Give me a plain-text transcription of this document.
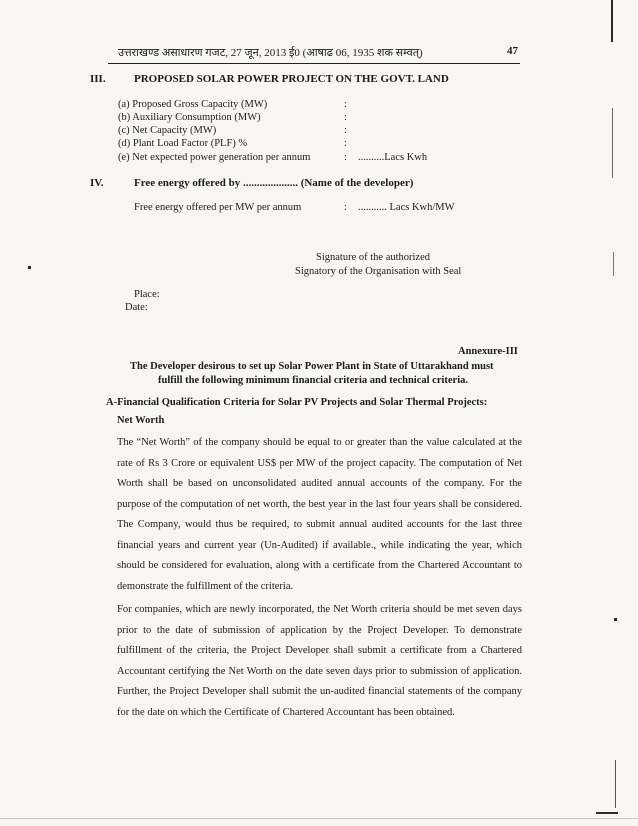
उत्तराखण्ड असाधारण गजट, 27 जून, 2013 ई0 (आषाढ 06, 1935 शक सम्वत्)	47
III.	PROPOSED SOLAR POWER PROJECT ON THE GOVT. LAND
(a) Proposed Gross Capacity (MW)	:
(b) Auxiliary Consumption (MW)	:
(c) Net Capacity (MW)	:
(d) Plant Load Factor (PLF) %	:
(e) Net expected power generation per annum	: ..........Lacs Kwh
IV.	Free energy offered by .................... (Name of the developer)
Free energy offered per MW per annum	: ........... Lacs Kwh/MW
Signature of the authorized
Signatory of the Organisation with Seal
Place:
Date:
Annexure-III
The Developer desirous to set up Solar Power Plant in State of Uttarakhand must
fulfill the following minimum financial criteria and technical criteria.
A-Financial Qualification Criteria for Solar PV Projects and Solar Thermal Projects:
Net Worth
The “Net Worth” of the company should be equal to or greater than the value calculated at the rate of Rs 3 Crore or equivalent US$ per MW of the project capacity. The computation of Net Worth shall be based on unconsolidated audited annual accounts of the company. For the purpose of the computation of net worth, the best year in the last four years shall be considered. The Company, would thus be required, to submit annual audited accounts for the last three financial years and current year (Un-Audited) if available., while indicating the year, which should be considered for evaluation, along with a certificate from the Chartered Accountant to demonstrate the fulfillment of the criteria.
For companies, which are newly incorporated, the Net Worth criteria should be met seven days prior to the date of submission of application by the Project Developer. To demonstrate fulfillment of the criteria, the Project Developer shall submit a certificate from a Chartered Accountant certifying the Net Worth on the date seven days prior to submission of application. Further, the Project Developer shall submit the un-audited financial statements of the company for the date on which the Certificate of Chartered Accountant has been obtained.
